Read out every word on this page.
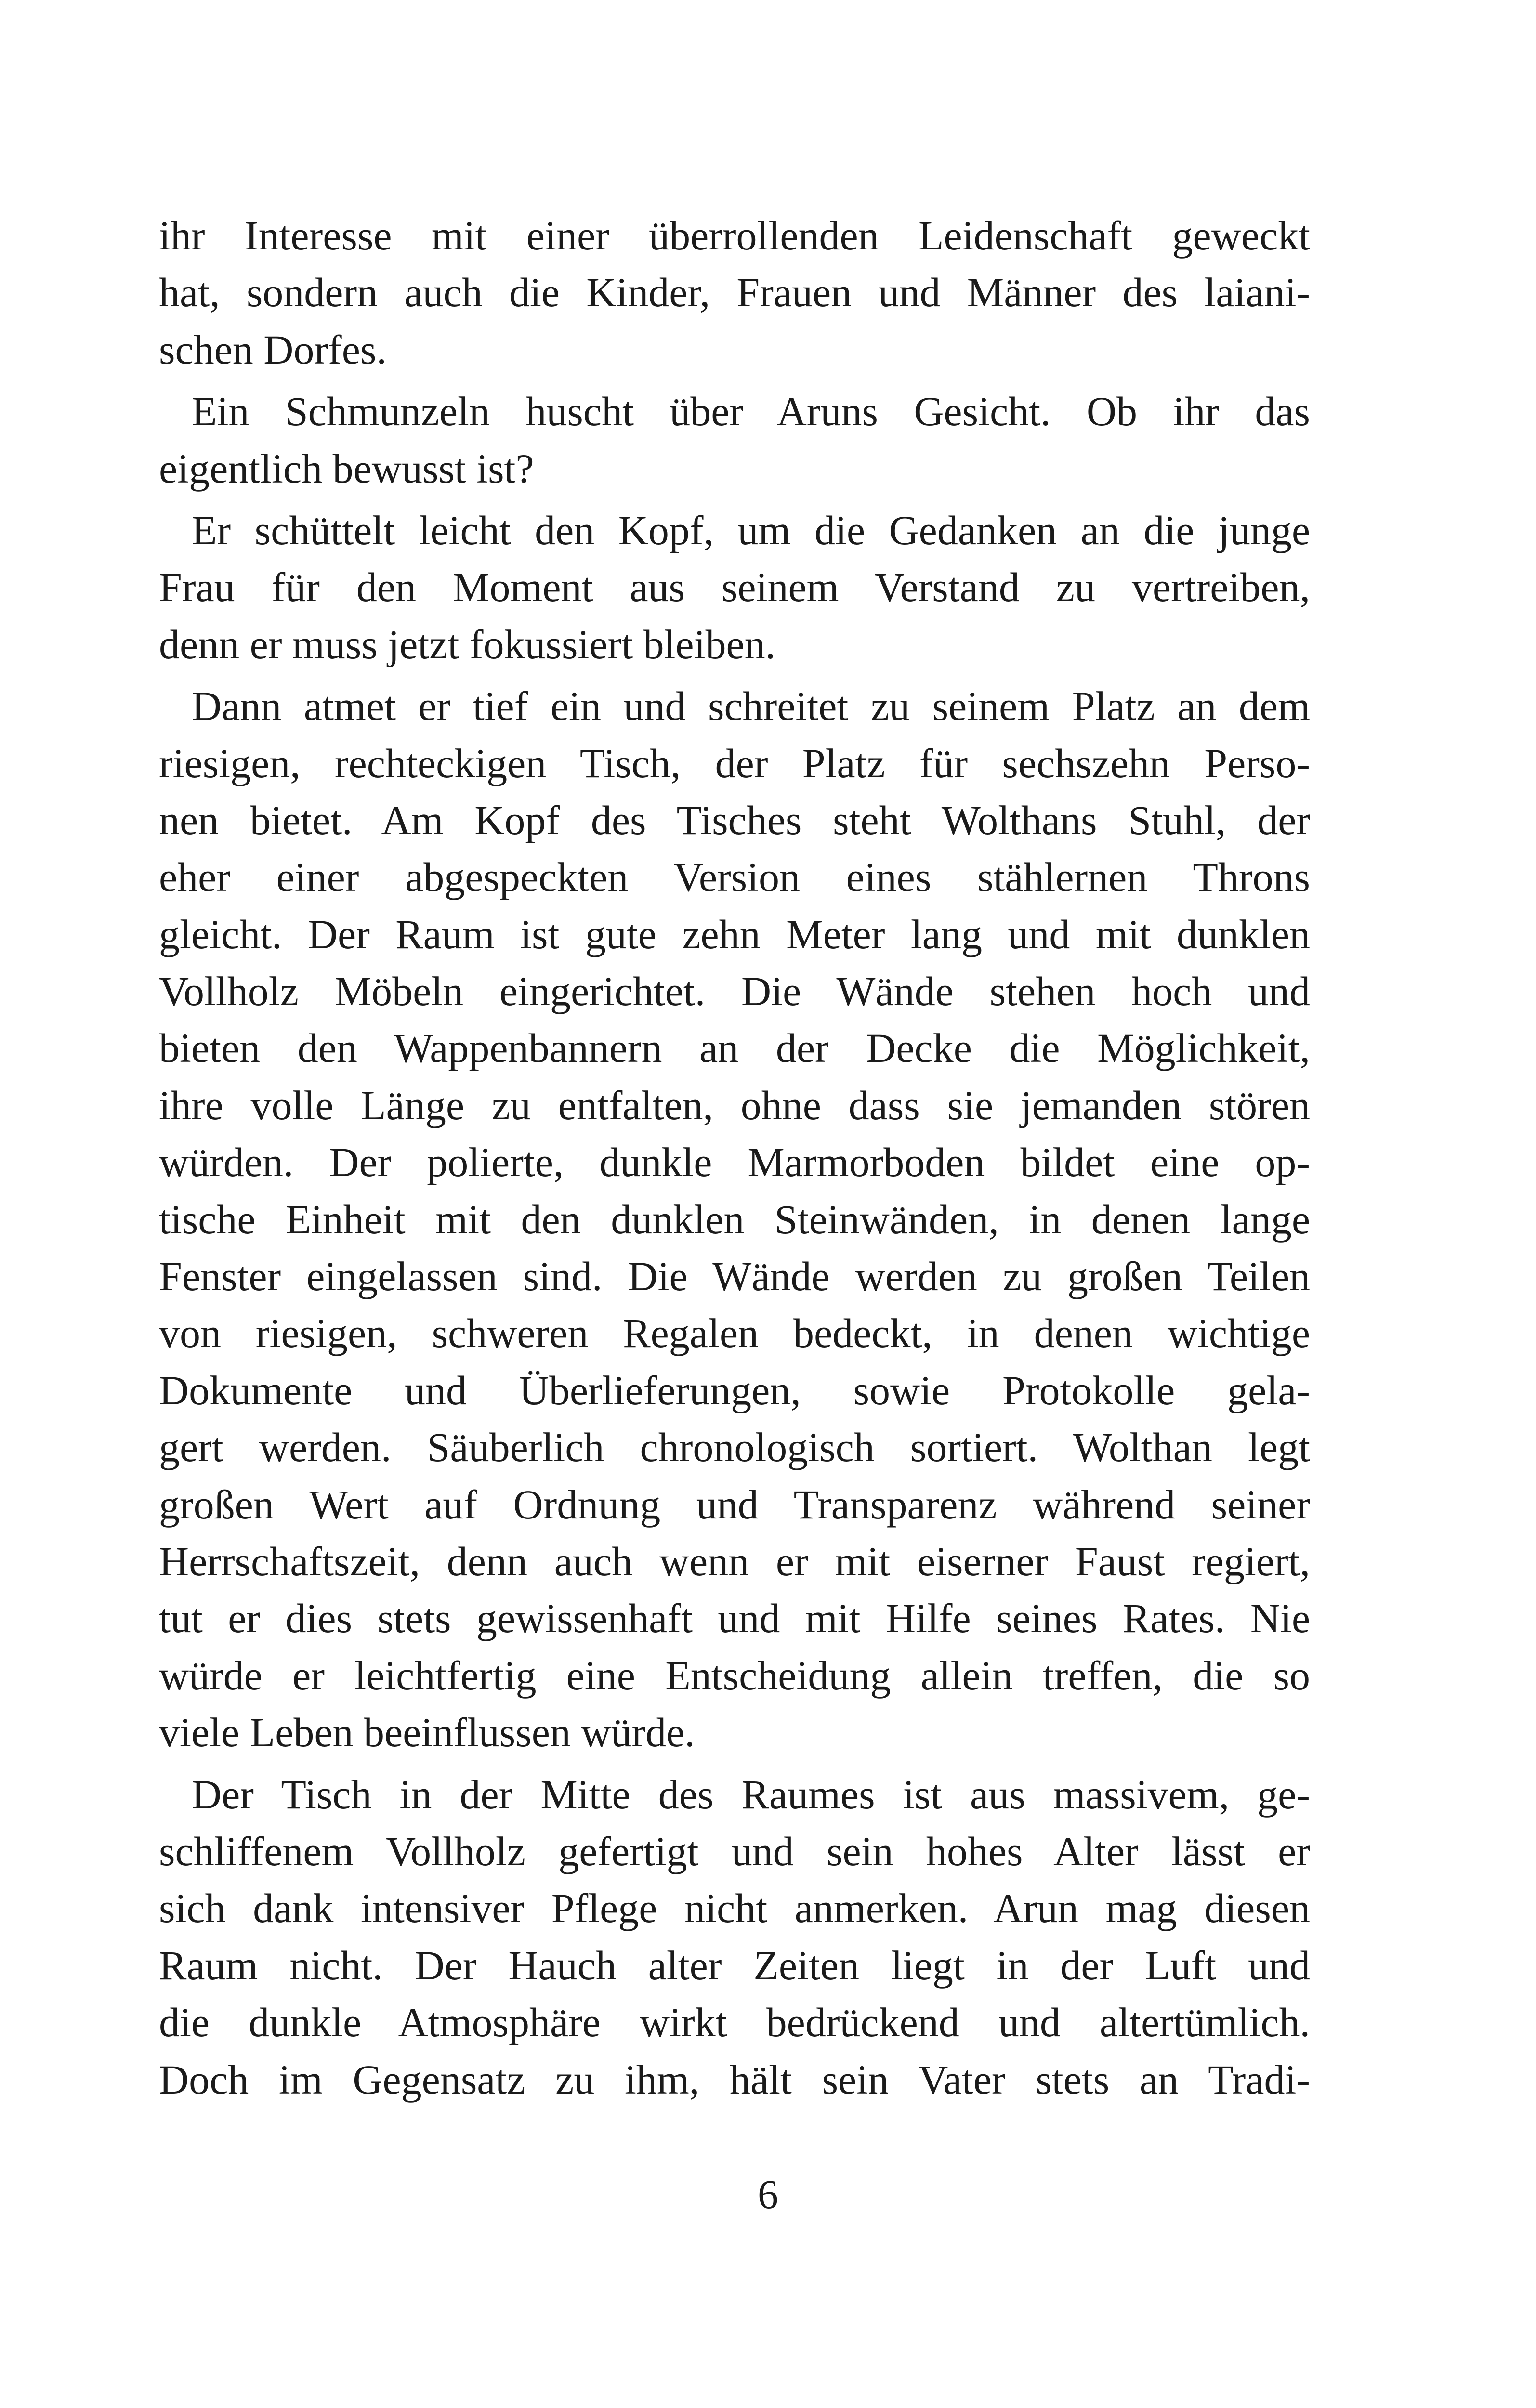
ihr Interesse mit einer überrollenden Leidenschaft geweckt
hat, sondern auch die Kinder, Frauen und Männer des laiani-
schen Dorfes.
Ein Schmunzeln huscht über Aruns Gesicht. Ob ihr das
eigentlich bewusst ist?
Er schüttelt leicht den Kopf, um die Gedanken an die junge
Frau für den Moment aus seinem Verstand zu vertreiben,
denn er muss jetzt fokussiert bleiben.
Dann atmet er tief ein und schreitet zu seinem Platz an dem
riesigen, rechteckigen Tisch, der Platz für sechszehn Perso-
nen bietet. Am Kopf des Tisches steht Wolthans Stuhl, der
eher einer abgespeckten Version eines stählernen Throns
gleicht. Der Raum ist gute zehn Meter lang und mit dunklen
Vollholz Möbeln eingerichtet. Die Wände stehen hoch und
bieten den Wappenbannern an der Decke die Möglichkeit,
ihre volle Länge zu entfalten, ohne dass sie jemanden stören
würden. Der polierte, dunkle Marmorboden bildet eine op-
tische Einheit mit den dunklen Steinwänden, in denen lange
Fenster eingelassen sind. Die Wände werden zu großen Teilen
von riesigen, schweren Regalen bedeckt, in denen wichtige
Dokumente und Überlieferungen, sowie Protokolle gela-
gert werden. Säuberlich chronologisch sortiert. Wolthan legt
großen Wert auf Ordnung und Transparenz während seiner
Herrschaftszeit, denn auch wenn er mit eiserner Faust regiert,
tut er dies stets gewissenhaft und mit Hilfe seines Rates. Nie
würde er leichtfertig eine Entscheidung allein treffen, die so
viele Leben beeinflussen würde.
Der Tisch in der Mitte des Raumes ist aus massivem, ge-
schliffenem Vollholz gefertigt und sein hohes Alter lässt er
sich dank intensiver Pflege nicht anmerken. Arun mag diesen
Raum nicht. Der Hauch alter Zeiten liegt in der Luft und
die dunkle Atmosphäre wirkt bedrückend und altertümlich.
Doch im Gegensatz zu ihm, hält sein Vater stets an Tradi-
6
